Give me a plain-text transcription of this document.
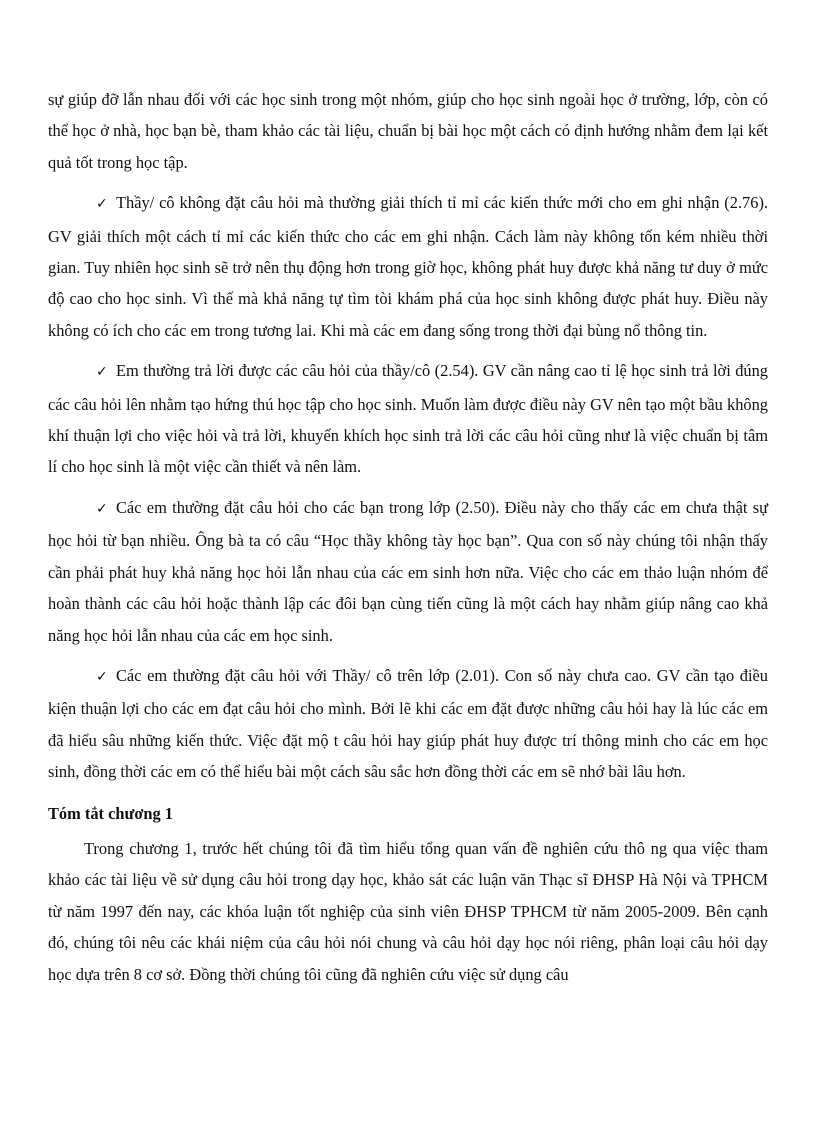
sự giúp đỡ lẫn nhau đối với các học sinh trong một nhóm, giúp cho học sinh ngoài học ở trường, lớp, còn có thể học ở nhà, học bạn bè, tham khảo các tài liệu, chuẩn bị bài học một cách có định hướng nhằm đem lại kết quả tốt trong học tập.

✓ Thầy/ cô không đặt câu hỏi mà thường giải thích tỉ mỉ các kiến thức mới cho em ghi nhận (2.76). GV giải thích một cách tỉ mỉ các kiến thức cho các em ghi nhận. Cách làm này không tốn kém nhiều thời gian. Tuy nhiên học sinh sẽ trở nên thụ động hơn trong giờ học, không phát huy được khả năng tư duy ở mức độ cao cho học sinh. Vì thế mà khả năng tự tìm tòi khám phá của học sinh không được phát huy. Điều này không có ích cho các em trong tương lai. Khi mà các em đang sống trong thời đại bùng nổ thông tin.

✓ Em thường trả lời được các câu hỏi của thầy/cô (2.54). GV cần nâng cao tỉ lệ học sinh trả lời đúng các câu hỏi lên nhằm tạo hứng thú học tập cho học sinh. Muốn làm được điều này GV nên tạo một bầu không khí thuận lợi cho việc hỏi và trả lời, khuyến khích học sinh trả lời các câu hỏi cũng như là việc chuẩn bị tâm lí cho học sinh là một việc cần thiết và nên làm.

✓ Các em thường đặt câu hỏi cho các bạn trong lớp (2.50). Điều này cho thấy các em chưa thật sự học hỏi từ bạn nhiều. Ông bà ta có câu “Học thầy không tày học bạn”. Qua con số này chúng tôi nhận thấy cần phải phát huy khả năng học hỏi lẫn nhau của các em sinh hơn nữa. Việc cho các em thảo luận nhóm để hoàn thành các câu hỏi hoặc thành lập các đôi bạn cùng tiến cũng là một cách hay nhằm giúp nâng cao khả năng học hỏi lẫn nhau của các em học sinh.

✓ Các em thường đặt câu hỏi với Thầy/ cô trên lớp (2.01). Con số này chưa cao. GV cần tạo điều kiện thuận lợi cho các em đạt câu hỏi cho mình. Bởi lẽ khi các em đặt được những câu hỏi hay là lúc các em đã hiểu sâu những kiến thức. Việc đặt mộ t câu hỏi hay giúp phát huy được trí thông minh cho các em học sinh, đồng thời các em có thể hiểu bài một cách sâu sắc hơn đồng thời các em sẽ nhớ bài lâu hơn.

Tóm tắt chương 1

Trong chương 1, trước hết chúng tôi đã tìm hiểu tổng quan vấn đề nghiên cứu thô ng qua việc tham khảo các tài liệu về sử dụng câu hỏi trong dạy học, khảo sát các luận văn Thạc sĩ ĐHSP Hà Nội và TPHCM từ năm 1997 đến nay, các khóa luận tốt nghiệp của sinh viên ĐHSP TPHCM từ năm 2005-2009. Bên cạnh đó, chúng tôi nêu các khái niệm của câu hỏi nói chung và câu hỏi dạy học nói riêng, phân loại câu hỏi dạy học dựa trên 8 cơ sở. Đồng thời chúng tôi cũng đã nghiên cứu việc sử dụng câu
